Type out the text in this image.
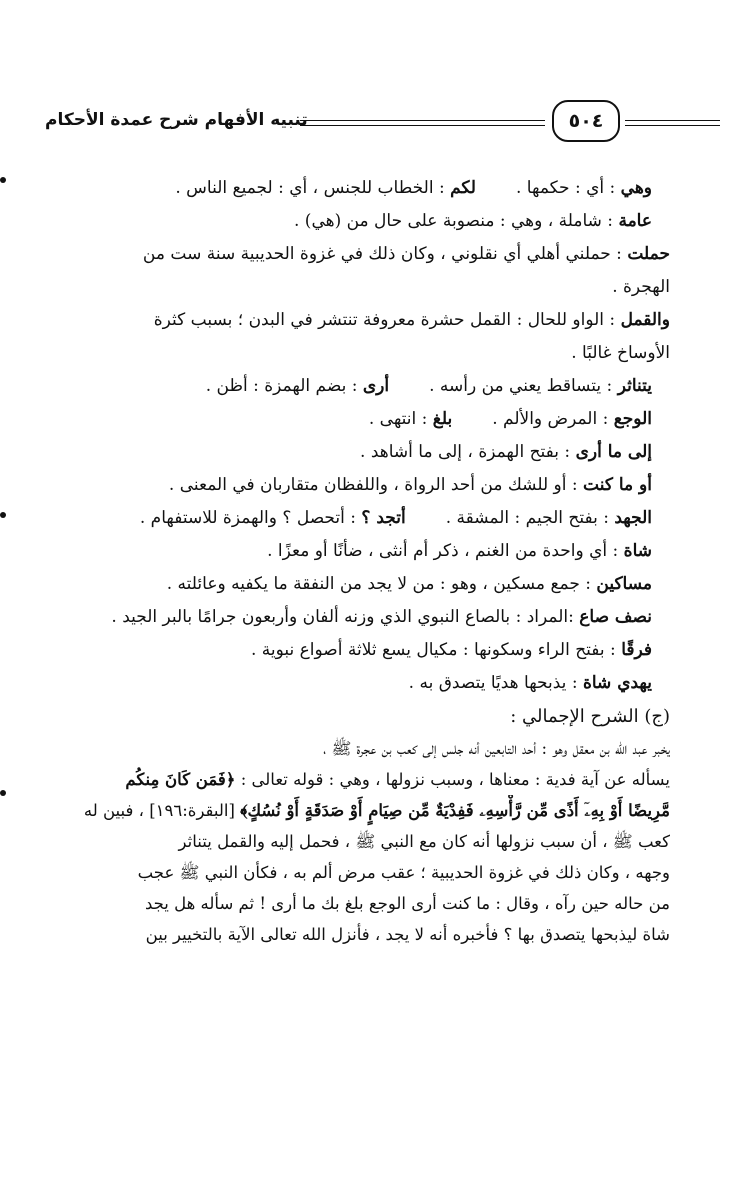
تنبيه الأفهام شرح عمدة الأحكام	٥٠٤
وهي : أي : حكمها .لكم : الخطاب للجنس ، أي : لجميع الناس .
عامة : شاملة ، وهي : منصوبة على حال من (هي) .
حملت : حملني أهلي أي نقلوني ، وكان ذلك في غزوة الحديبية سنة ست من
الهجرة .
والقمل : الواو للحال : القمل حشرة معروفة تنتشر في البدن ؛ بسبب كثرة
الأوساخ غالبًا .
يتناثر : يتساقط يعني من رأسه .أرى : بضم الهمزة : أظن .
الوجع : المرض والألم .بلغ : انتهى .
إلى ما أرى : بفتح الهمزة ، إلى ما أشاهد .
أو ما كنت : أو للشك من أحد الرواة ، واللفظان متقاربان في المعنى .
الجهد : بفتح الجيم : المشقة .أتجد ؟ : أتحصل ؟ والهمزة للاستفهام .
شاة : أي واحدة من الغنم ، ذكر أم أنثى ، ضأنًا أو معزًا .
مساكين : جمع مسكين ، وهو : من لا يجد من النفقة ما يكفيه وعائلته .
نصف صاع :المراد : بالصاع النبوي الذي وزنه ألفان وأربعون جرامًا بالبر الجيد .
فرقًا : بفتح الراء وسكونها : مكيال يسع ثلاثة أصواع نبوية .
يهدي شاة : يذبحها هديًا يتصدق به .
(ج) الشرح الإجمالي :
يخبر عبد الله بن معقل وهو : أحد التابعين أنه جلس إلى كعب بن عجرة ﷺ ،
يسأله عن آية فدية : معناها ، وسبب نزولها ، وهي : قوله تعالى : ﴿فَمَن كَانَ مِنكُم
مَّرِيضًا أَوْ بِهِۦٓ أَذًى مِّن رَّأْسِهِۦ فَفِدْيَةٌ مِّن صِيَامٍ أَوْ صَدَقَةٍ أَوْ نُسُكٍ﴾ [البقرة:١٩٦] ، فبين له
كعب ﷺ ، أن سبب نزولها أنه كان مع النبي ﷺ ، فحمل إليه والقمل يتناثر
وجهه ، وكان ذلك في غزوة الحديبية ؛ عقب مرض ألم به ، فكأن النبي ﷺ عجب
من حاله حين رآه ، وقال : ما كنت أرى الوجع بلغ بك ما أرى ! ثم سأله هل يجد
شاة ليذبحها يتصدق بها ؟ فأخبره أنه لا يجد ، فأنزل الله تعالى الآية بالتخيير بين
